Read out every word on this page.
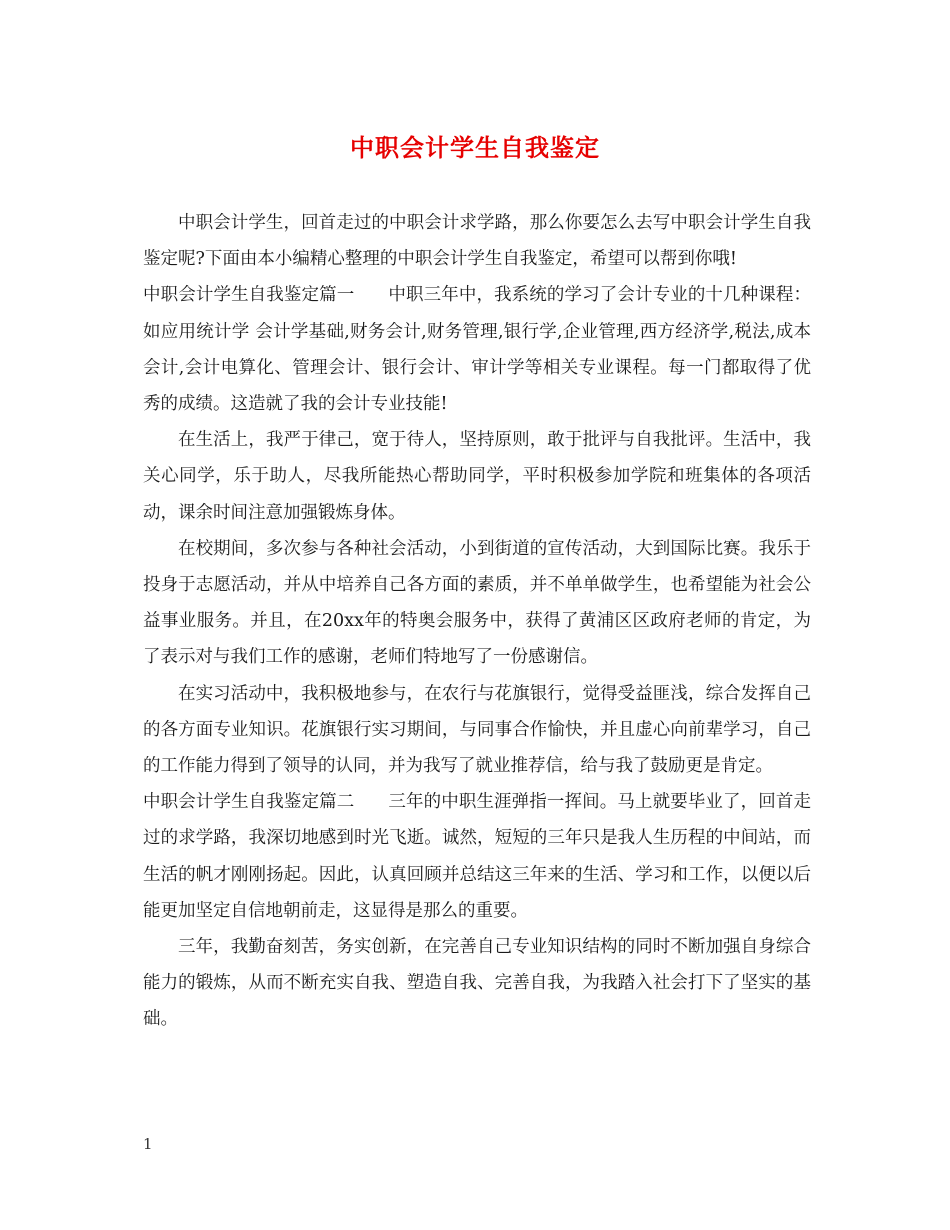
中职会计学生自我鉴定

中职会计学生，回首走过的中职会计求学路，那么你要怎么去写中职会计学生自我鉴定呢?下面由本小编精心整理的中职会计学生自我鉴定，希望可以帮到你哦!

中职会计学生自我鉴定篇一 中职三年中，我系统的学习了会计专业的十几种课程：如应用统计学 会计学基础,财务会计,财务管理,银行学,企业管理,西方经济学,税法,成本会计,会计电算化、管理会计、银行会计、审计学等相关专业课程。每一门都取得了优秀的成绩。这造就了我的会计专业技能!

在生活上，我严于律己，宽于待人，坚持原则，敢于批评与自我批评。生活中，我关心同学，乐于助人，尽我所能热心帮助同学，平时积极参加学院和班集体的各项活动，课余时间注意加强锻炼身体。

在校期间，多次参与各种社会活动，小到街道的宣传活动，大到国际比赛。我乐于投身于志愿活动，并从中培养自己各方面的素质，并不单单做学生，也希望能为社会公益事业服务。并且，在20xx年的特奥会服务中，获得了黄浦区区政府老师的肯定，为了表示对与我们工作的感谢，老师们特地写了一份感谢信。

在实习活动中，我积极地参与，在农行与花旗银行，觉得受益匪浅，综合发挥自己的各方面专业知识。花旗银行实习期间，与同事合作愉快，并且虚心向前辈学习，自己的工作能力得到了领导的认同，并为我写了就业推荐信，给与我了鼓励更是肯定。

中职会计学生自我鉴定篇二 三年的中职生涯弹指一挥间。马上就要毕业了，回首走过的求学路，我深切地感到时光飞逝。诚然，短短的三年只是我人生历程的中间站，而生活的帆才刚刚扬起。因此，认真回顾并总结这三年来的生活、学习和工作，以便以后能更加坚定自信地朝前走，这显得是那么的重要。

三年，我勤奋刻苦，务实创新，在完善自己专业知识结构的同时不断加强自身综合能力的锻炼，从而不断充实自我、塑造自我、完善自我，为我踏入社会打下了坚实的基础。

1
